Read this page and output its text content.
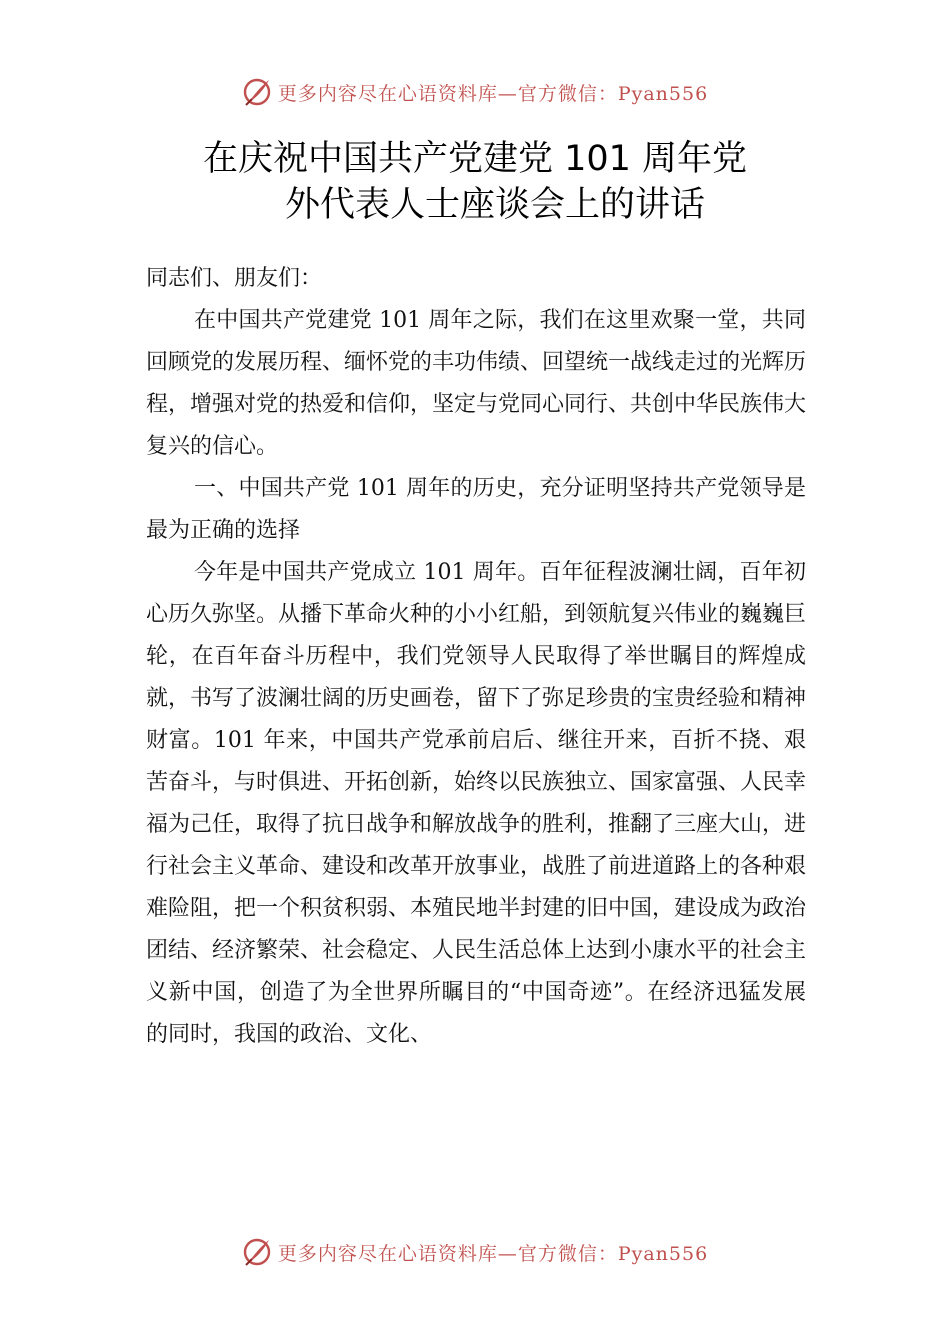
更多内容尽在心语资料库—官方微信：Pyan556
在庆祝中国共产党建党 101 周年党
外代表人士座谈会上的讲话

同志们、朋友们：

在中国共产党建党 101 周年之际，我们在这里欢聚一堂，共同回顾党的发展历程、缅怀党的丰功伟绩、回望统一战线走过的光辉历程，增强对党的热爱和信仰，坚定与党同心同行、共创中华民族伟大复兴的信心。

一、中国共产党 101 周年的历史，充分证明坚持共产党领导是最为正确的选择

今年是中国共产党成立 101 周年。百年征程波澜壮阔，百年初心历久弥坚。从播下革命火种的小小红船，到领航复兴伟业的巍巍巨轮，在百年奋斗历程中，我们党领导人民取得了举世瞩目的辉煌成就，书写了波澜壮阔的历史画卷，留下了弥足珍贵的宝贵经验和精神财富。101 年来，中国共产党承前启后、继往开来，百折不挠、艰苦奋斗，与时俱进、开拓创新，始终以民族独立、国家富强、人民幸福为己任，取得了抗日战争和解放战争的胜利，推翻了三座大山，进行社会主义革命、建设和改革开放事业，战胜了前进道路上的各种艰难险阻，把一个积贫积弱、本殖民地半封建的旧中国，建设成为政治团结、经济繁荣、社会稳定、人民生活总体上达到小康水平的社会主义新中国，创造了为全世界所瞩目的“中国奇迹”。在经济迅猛发展的同时，我国的政治、文化、

更多内容尽在心语资料库—官方微信：Pyan556
